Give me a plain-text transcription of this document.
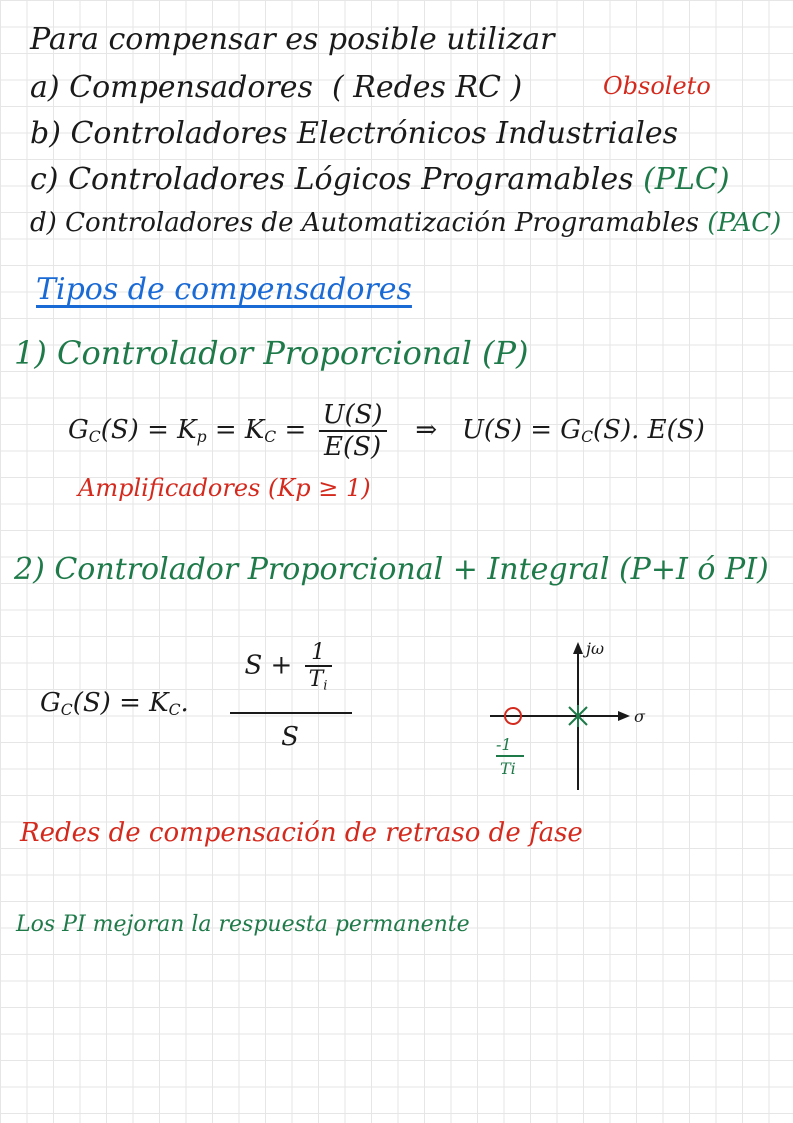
Para compensar es posible utilizar
a) Compensadores ( Redes RC )	Obsoleto
b) Controladores Electrónicos Industriales
c) Controladores Lógicos Programables (PLC)
d) Controladores de Automatización Programables (PAC)
Tipos de compensadores
1) Controlador Proporcional (P)
$G_C(S) = K_p = K_C = \frac{U(S)}{E(S)}$ ⇒ $U(S) = G_C(S)$. E(S)
Amplificadores (Kp ≥ 1)
2) Controlador Proporcional + Integral (P+I ó PI)
$G_C(S) = K_C$.
$S + \frac{1}{T_i}$
S
jω
σ
-1
Ti
Redes de compensación de retraso de fase
Los PI mejoran la respuesta permanente
